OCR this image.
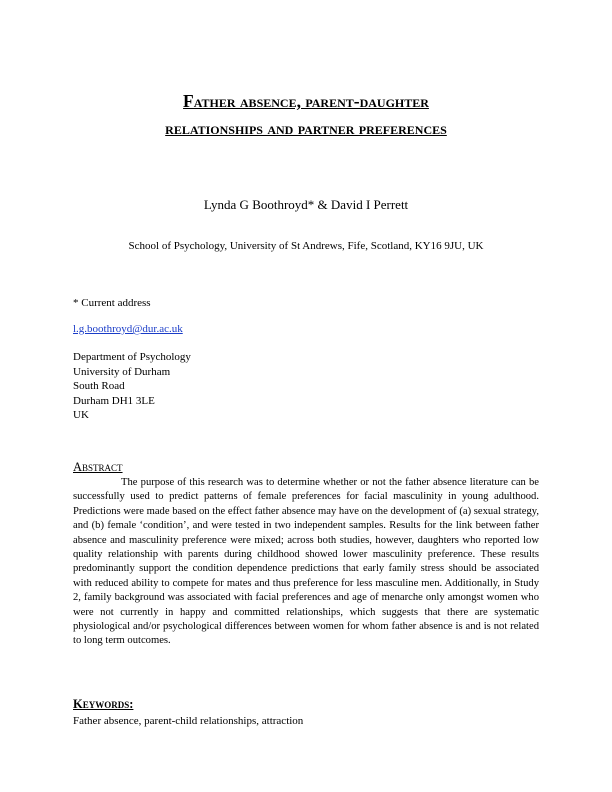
Father absence, parent-daughter
relationships and partner preferences
Lynda G Boothroyd* & David I Perrett
School of Psychology, University of St Andrews, Fife, Scotland, KY16 9JU, UK
* Current address
l.g.boothroyd@dur.ac.uk
Department of Psychology
University of Durham
South Road
Durham DH1 3LE
UK
Abstract

The purpose of this research was to determine whether or not the father absence literature can be successfully used to predict patterns of female preferences for facial masculinity in young adulthood. Predictions were made based on the effect father absence may have on the development of (a) sexual strategy, and (b) female ‘condition’, and were tested in two independent samples. Results for the link between father absence and masculinity preference were mixed; across both studies, however, daughters who reported low quality relationship with parents during childhood showed lower masculinity preference. These results predominantly support the condition dependence predictions that early family stress should be associated with reduced ability to compete for mates and thus preference for less masculine men. Additionally, in Study 2, family background was associated with facial preferences and age of menarche only amongst women who were not currently in happy and committed relationships, which suggests that there are systematic physiological and/or psychological differences between women for whom father absence is and is not related to long term outcomes.

Keywords:
Father absence, parent-child relationships, attraction
